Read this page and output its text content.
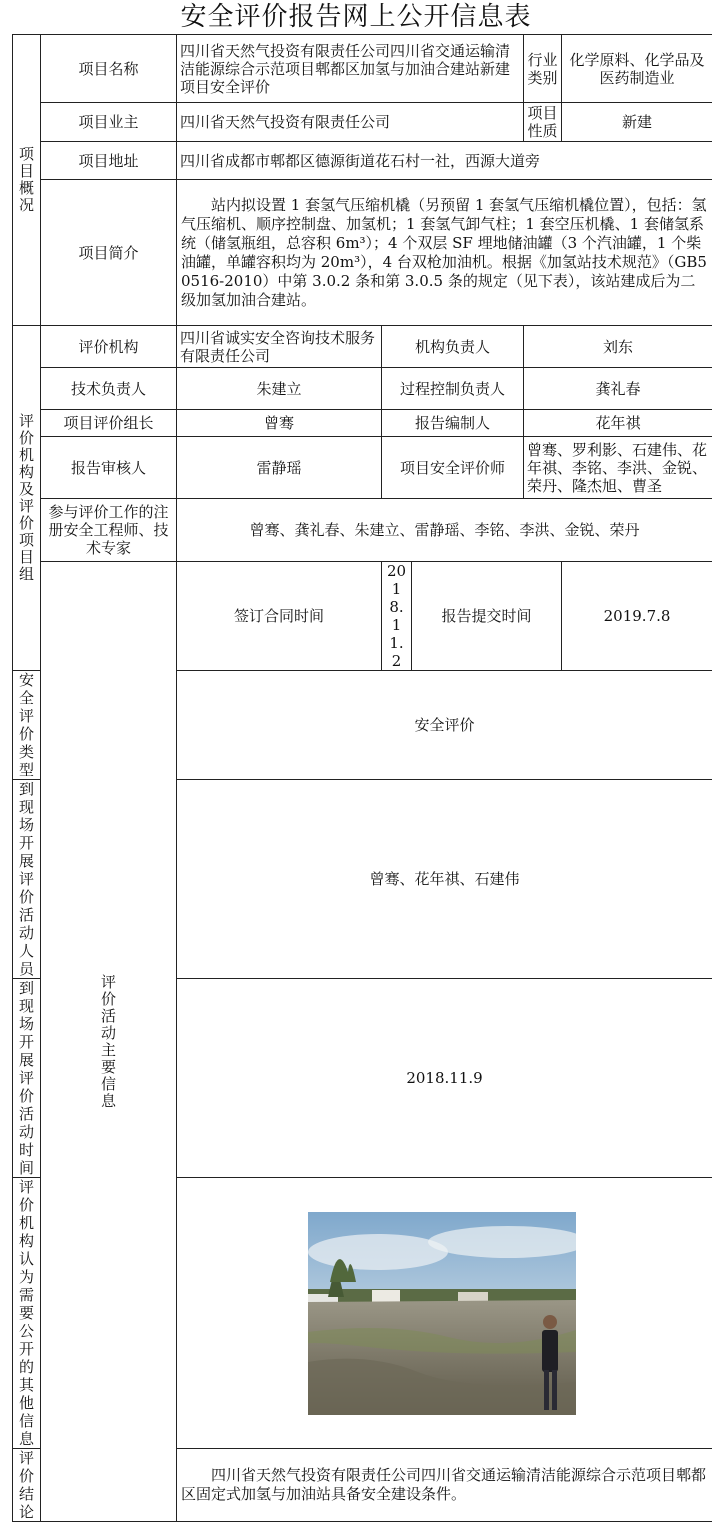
安全评价报告网上公开信息表
项目概况	项目名称	四川省天然气投资有限责任公司四川省交通运输清洁能源综合示范项目郫都区加氢与加油合建站新建项目安全评价			行业类别	化学原料、化学品及医药制造业
	项目业主	四川省天然气投资有限责任公司			项目性质	新建
	项目地址	四川省成都市郫都区德源街道花石村一社，西源大道旁				
	项目简介	站内拟设置 1 套氢气压缩机橇（另预留 1 套氢气压缩机橇位置），包括：氢气压缩机、顺序控制盘、加氢机；1 套氢气卸气柱；1 套空压机橇、1 套储氢系统（储氢瓶组，总容积 6m³）；4 个双层 SF 埋地储油罐（3 个汽油罐，1 个柴油罐，单罐容积均为 20m³），4 台双枪加油机。根据《加氢站技术规范》（GB50516-2010）中第 3.0.2 条和第 3.0.5 条的规定（见下表），该站建成后为二级加氢加油合建站。				

评价机构及评价项目组	评价机构	四川省诚实安全咨询技术服务有限责任公司	机构负责人		刘东	
	技术负责人	朱建立	过程控制负责人		龚礼春	
	项目评价组长	曾骞	报告编制人		花年祺	
	报告审核人	雷静瑶	项目安全评价师		曾骞、罗利影、石建伟、花年祺、李铭、李洪、金锐、荣丹、隆杰旭、曹圣	
	参与评价工作的注册安全工程师、技术专家	曾骞、龚礼春、朱建立、雷静瑶、李铭、李洪、金锐、荣丹				

	评价活动主要信息	签订合同时间	2018.11.2	报告提交时间		2019.7.8
安全评价类型		安全评价				
到现场开展评价活动人员		曾骞、花年祺、石建伟				
到现场开展评价活动时间		2018.11.9				
评价机构认为需要公开的其他信息	

评价结论		四川省天然气投资有限责任公司四川省交通运输清洁能源综合示范项目郫都区固定式加氢与加油站具备安全建设条件。				
